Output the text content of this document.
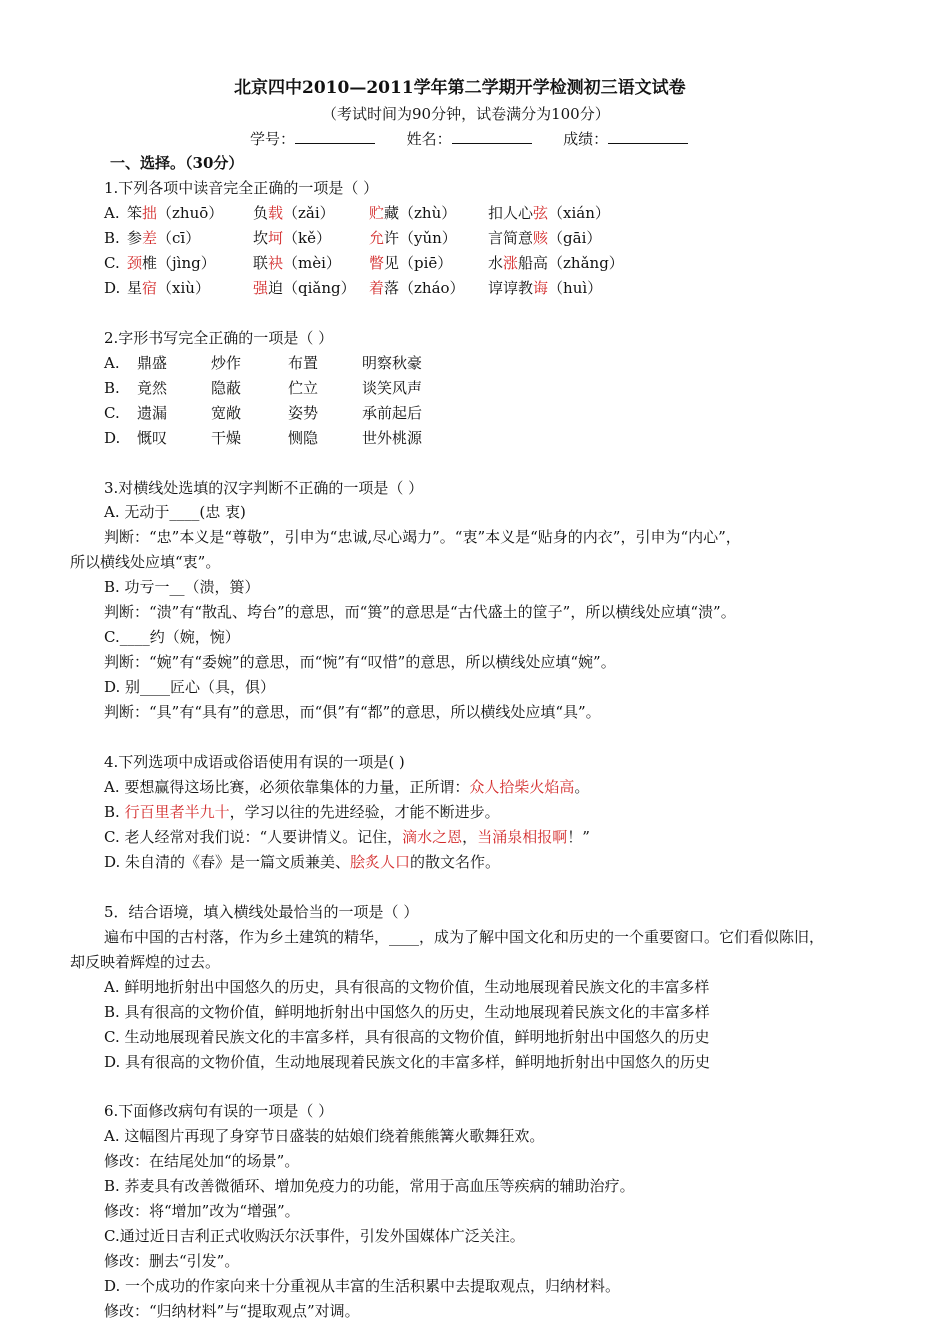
北京四中2010—2011学年第二学期开学检测初三语文试卷
（考试时间为90分钟，试卷满分为100分）
学号：	姓名：	成绩：
一、选择。（30分）
1.下列各项中读音完全正确的一项是（ ）
A. 笨拙（zhuō） 负载（zǎi） 贮藏（zhù） 扣人心弦（xián）
B. 参差（cī）	坎坷（kě）	允许（yǔn） 言简意赅（gāi）
C. 颈椎（jìng） 联袂（mèi） 瞥见（piē） 水涨船高（zhǎng）
D. 星宿（xiù）	强迫（qiǎng） 着落（zháo） 谆谆教诲（huì）
2.字形书写完全正确的一项是（ ）
A. 鼎盛	炒作	布置	明察秋豪
B. 竟然	隐蔽	伫立	谈笑风声
C. 遗漏	宽敞	姿势	承前起后
D. 慨叹	干燥	恻隐	世外桃源
3.对横线处选填的汉字判断不正确的一项是（ ）
A. 无动于____(忠 衷)
判断：“忠”本义是“尊敬”，引申为“忠诚,尽心竭力”。“衷”本义是“贴身的内衣”，引申为“内心”，
所以横线处应填“衷”。
B. 功亏一__（溃，篑）
判断：“溃”有“散乱、垮台”的意思，而“篑”的意思是“古代盛土的筐子”，所以横线处应填“溃”。
C.____约（婉，惋）
判断：“婉”有“委婉”的意思，而“惋”有“叹惜”的意思，所以横线处应填“婉”。
D. 别____匠心（具，俱）
判断：“具”有“具有”的意思，而“俱”有“都”的意思，所以横线处应填“具”。
4.下列选项中成语或俗语使用有误的一项是( )
A. 要想赢得这场比赛，必须依靠集体的力量，正所谓：众人拾柴火焰高。
B. 行百里者半九十，学习以往的先进经验，才能不断进步。
C. 老人经常对我们说：“人要讲情义。记住，滴水之恩，当涌泉相报啊！”
D. 朱自清的《春》是一篇文质兼美、脍炙人口的散文名作。
5．结合语境，填入横线处最恰当的一项是（ ）
遍布中国的古村落，作为乡土建筑的精华，____，成为了解中国文化和历史的一个重要窗口。它们看似陈旧，
却反映着辉煌的过去。
A. 鲜明地折射出中国悠久的历史，具有很高的文物价值，生动地展现着民族文化的丰富多样
B. 具有很高的文物价值，鲜明地折射出中国悠久的历史，生动地展现着民族文化的丰富多样
C. 生动地展现着民族文化的丰富多样，具有很高的文物价值，鲜明地折射出中国悠久的历史
D. 具有很高的文物价值，生动地展现着民族文化的丰富多样，鲜明地折射出中国悠久的历史
6.下面修改病句有误的一项是（ ）
A. 这幅图片再现了身穿节日盛装的姑娘们绕着熊熊篝火歌舞狂欢。
修改：在结尾处加“的场景”。
B. 荞麦具有改善微循环、增加免疫力的功能，常用于高血压等疾病的辅助治疗。
修改：将“增加”改为“增强”。
C.通过近日吉利正式收购沃尔沃事件，引发外国媒体广泛关注。
修改：删去“引发”。
D. 一个成功的作家向来十分重视从丰富的生活积累中去提取观点，归纳材料。
修改：“归纳材料”与“提取观点”对调。
